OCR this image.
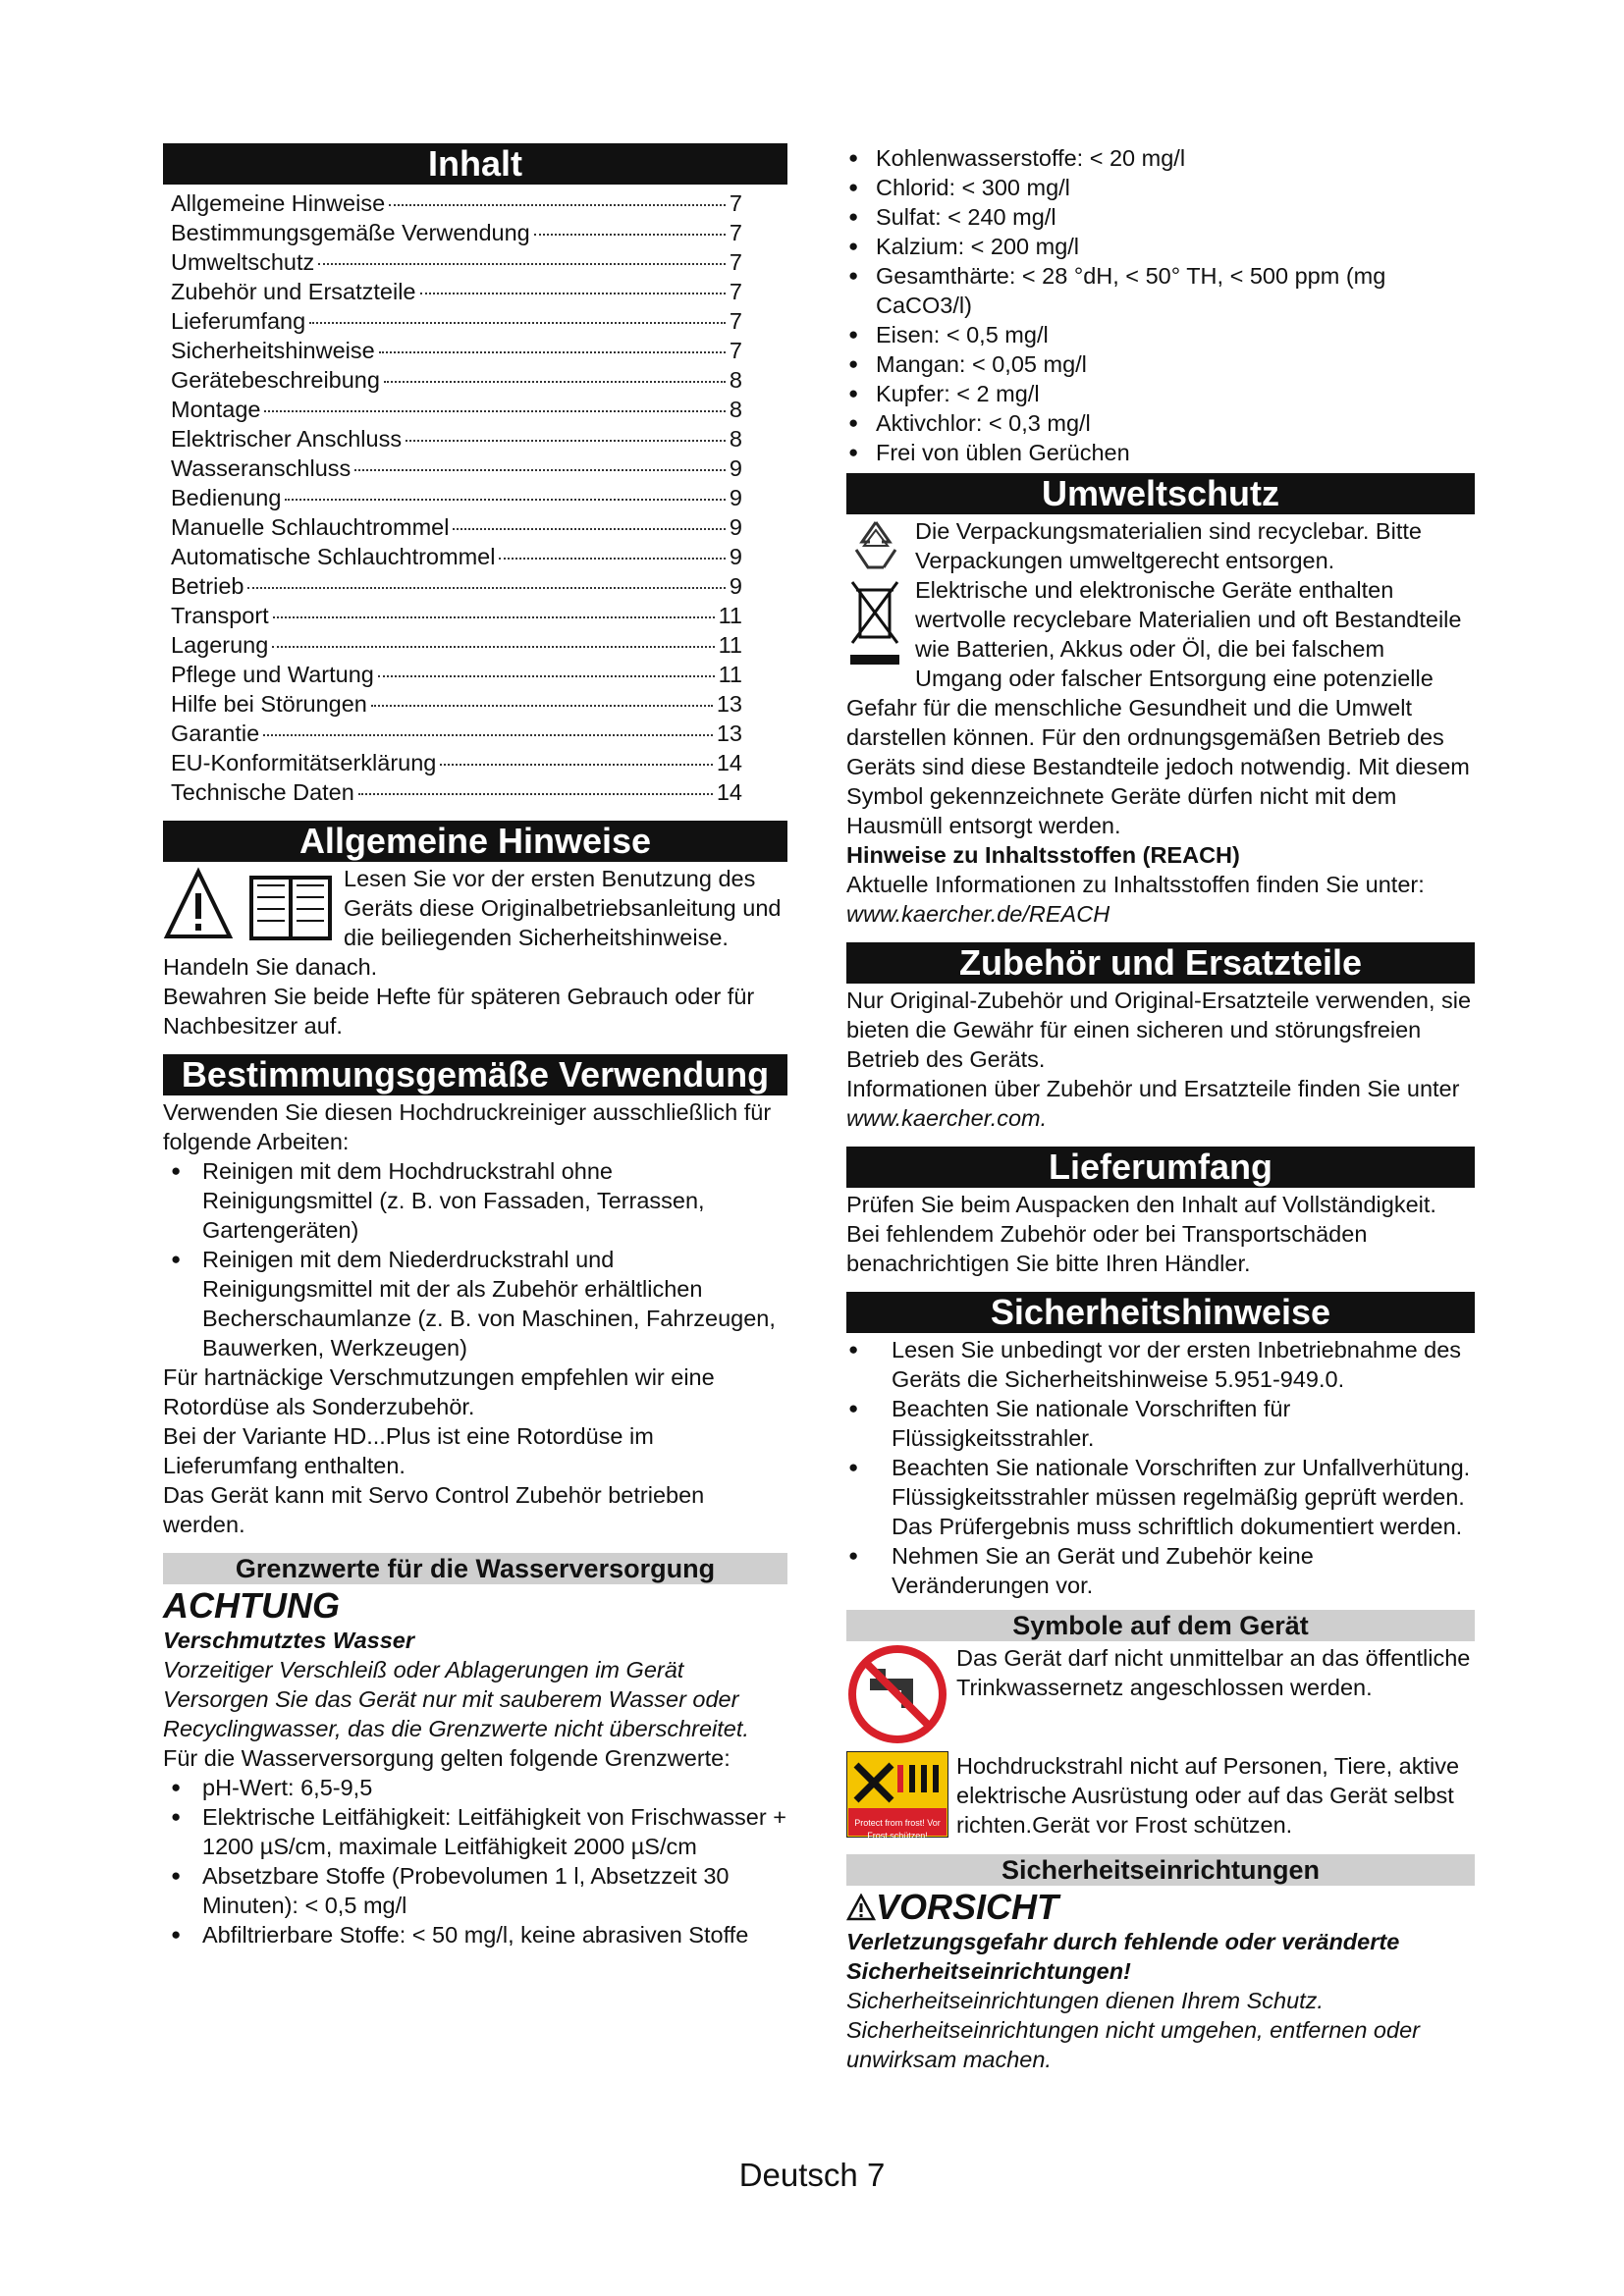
Inhalt
Allgemeine Hinweise	7
Bestimmungsgemäße Verwendung	7
Umweltschutz	7
Zubehör und Ersatzteile	7
Lieferumfang	7
Sicherheitshinweise	7
Gerätebeschreibung	8
Montage	8
Elektrischer Anschluss	8
Wasseranschluss	9
Bedienung	9
Manuelle Schlauchtrommel	9
Automatische Schlauchtrommel	9
Betrieb	9
Transport	11
Lagerung	11
Pflege und Wartung	11
Hilfe bei Störungen	13
Garantie	13
EU-Konformitätserklärung	14
Technische Daten	14
Allgemeine Hinweise

Lesen Sie vor der ersten Benutzung des Geräts diese Originalbetriebsanleitung und die beiliegenden Sicherheitshinweise. Handeln Sie danach.

Bewahren Sie beide Hefte für späteren Gebrauch oder für Nachbesitzer auf.

Bestimmungsgemäße Verwendung

Verwenden Sie diesen Hochdruckreiniger ausschließlich für folgende Arbeiten:

● Reinigen mit dem Hochdruckstrahl ohne Reinigungsmittel (z. B. von Fassaden, Terrassen, Gartengeräten)
● Reinigen mit dem Niederdruckstrahl und Reinigungsmittel mit der als Zubehör erhältlichen Becherschaumlanze (z. B. von Maschinen, Fahrzeugen, Bauwerken, Werkzeugen)

Für hartnäckige Verschmutzungen empfehlen wir eine Rotordüse als Sonderzubehör.

Bei der Variante HD...Plus ist eine Rotordüse im Lieferumfang enthalten.

Das Gerät kann mit Servo Control Zubehör betrieben werden.

Grenzwerte für die Wasserversorgung
ACHTUNG

Verschmutztes Wasser

Vorzeitiger Verschleiß oder Ablagerungen im Gerät Versorgen Sie das Gerät nur mit sauberem Wasser oder Recyclingwasser, das die Grenzwerte nicht überschreitet.

Für die Wasserversorgung gelten folgende Grenzwerte:

● pH-Wert: 6,5-9,5
● Elektrische Leitfähigkeit: Leitfähigkeit von Frischwasser + 1200 µS/cm, maximale Leitfähigkeit 2000 µS/cm
● Absetzbare Stoffe (Probevolumen 1 l, Absetzzeit 30 Minuten): < 0,5 mg/l
● Abfiltrierbare Stoffe: < 50 mg/l, keine abrasiven Stoffe
● Kohlenwasserstoffe: < 20 mg/l
● Chlorid: < 300 mg/l
● Sulfat: < 240 mg/l
● Kalzium: < 200 mg/l
● Gesamthärte: < 28 °dH, < 50° TH, < 500 ppm (mg CaCO3/l)
● Eisen: < 0,5 mg/l
● Mangan: < 0,05 mg/l
● Kupfer: < 2 mg/l
● Aktivchlor: < 0,3 mg/l
● Frei von üblen Gerüchen
Umweltschutz

Die Verpackungsmaterialien sind recyclebar. Bitte Verpackungen umweltgerecht entsorgen.

Elektrische und elektronische Geräte enthalten wertvolle recyclebare Materialien und oft Bestandteile wie Batterien, Akkus oder Öl, die bei falschem Umgang oder falscher Entsorgung eine potenzielle Gefahr für die menschliche Gesundheit und die Umwelt darstellen können. Für den ordnungsgemäßen Betrieb des Geräts sind diese Bestandteile jedoch notwendig. Mit diesem Symbol gekennzeichnete Geräte dürfen nicht mit dem Hausmüll entsorgt werden.

Hinweise zu Inhaltsstoffen (REACH)

Aktuelle Informationen zu Inhaltsstoffen finden Sie unter: www.kaercher.de/REACH

Zubehör und Ersatzteile

Nur Original-Zubehör und Original-Ersatzteile verwenden, sie bieten die Gewähr für einen sicheren und störungsfreien Betrieb des Geräts.

Informationen über Zubehör und Ersatzteile finden Sie unter www.kaercher.com.

Lieferumfang

Prüfen Sie beim Auspacken den Inhalt auf Vollständigkeit. Bei fehlendem Zubehör oder bei Transportschäden benachrichtigen Sie bitte Ihren Händler.

Sicherheitshinweise
● Lesen Sie unbedingt vor der ersten Inbetriebnahme des Geräts die Sicherheitshinweise 5.951-949.0.
● Beachten Sie nationale Vorschriften für Flüssigkeitsstrahler.
● Beachten Sie nationale Vorschriften zur Unfallverhütung. Flüssigkeitsstrahler müssen regelmäßig geprüft werden. Das Prüfergebnis muss schriftlich dokumentiert werden.
● Nehmen Sie an Gerät und Zubehör keine Veränderungen vor.
Symbole auf dem Gerät

Das Gerät darf nicht unmittelbar an das öffentliche Trinkwassernetz angeschlossen werden.

Protect from frost! Vor Frost schützen!

Hochdruckstrahl nicht auf Personen, Tiere, aktive elektrische Ausrüstung oder auf das Gerät selbst richten.Gerät vor Frost schützen.

Sicherheitseinrichtungen
VORSICHT

Verletzungsgefahr durch fehlende oder veränderte Sicherheitseinrichtungen!

Sicherheitseinrichtungen dienen Ihrem Schutz. Sicherheitseinrichtungen nicht umgehen, entfernen oder unwirksam machen.

Deutsch 7
